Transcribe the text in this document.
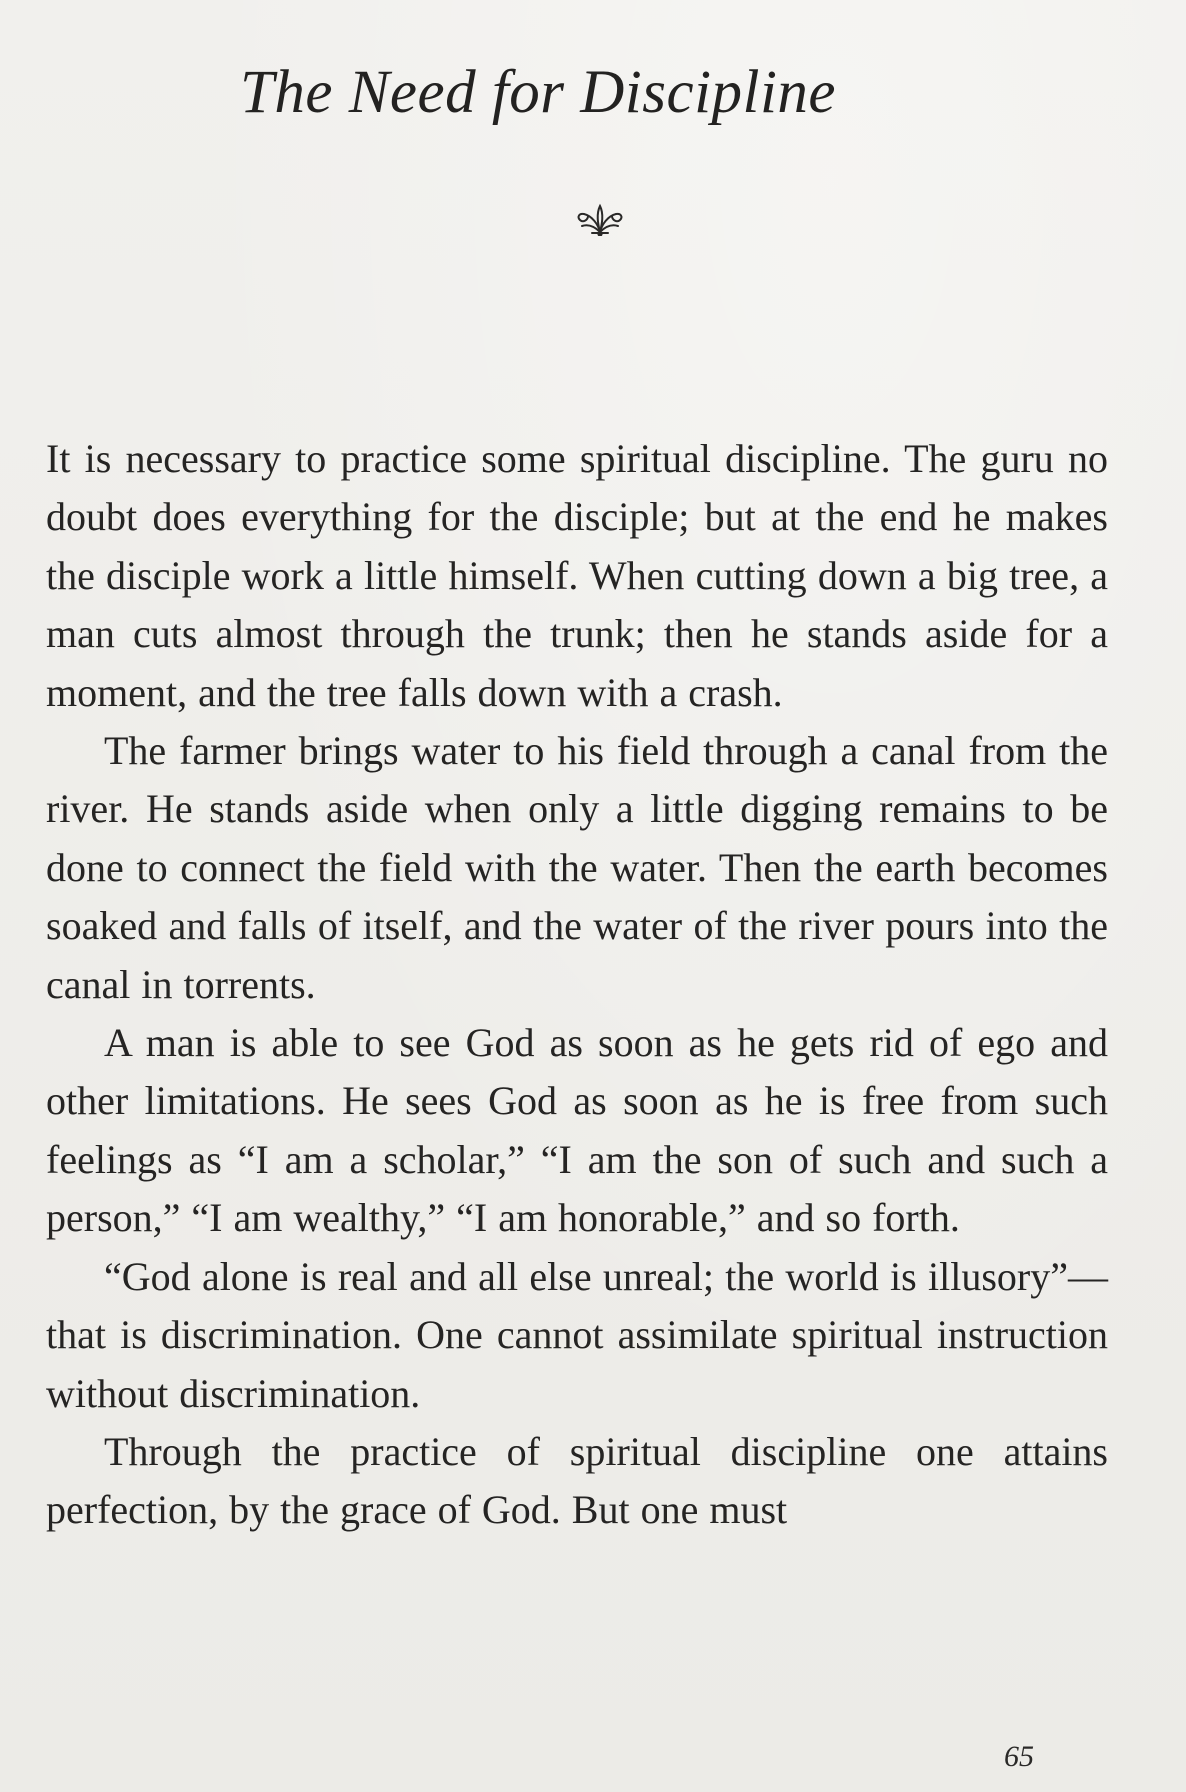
The Need for Discipline

It is necessary to practice some spiritual discipline. The guru no doubt does everything for the disciple; but at the end he makes the disciple work a little himself. When cutting down a big tree, a man cuts almost through the trunk; then he stands aside for a moment, and the tree falls down with a crash.

The farmer brings water to his field through a canal from the river. He stands aside when only a little digging remains to be done to connect the field with the water. Then the earth becomes soaked and falls of itself, and the water of the river pours into the canal in torrents.

A man is able to see God as soon as he gets rid of ego and other limitations. He sees God as soon as he is free from such feelings as “I am a scholar,” “I am the son of such and such a person,” “I am wealthy,” “I am honorable,” and so forth.

“God alone is real and all else unreal; the world is illusory”—that is discrimination. One cannot assimilate spiritual instruction without discrimination.

Through the practice of spiritual discipline one attains perfection, by the grace of God. But one must

65
